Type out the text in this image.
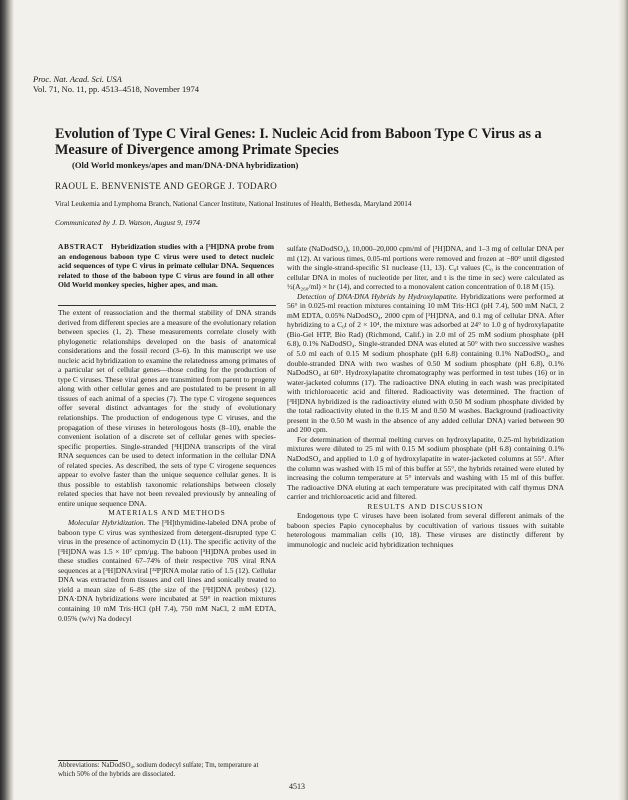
Proc. Nat. Acad. Sci. USA
Vol. 71, No. 11, pp. 4513–4518, November 1974
Evolution of Type C Viral Genes: I. Nucleic Acid from Baboon Type C Virus as a Measure of Divergence among Primate Species
(Old World monkeys/apes and man/DNA·DNA hybridization)
RAOUL E. BENVENISTE AND GEORGE J. TODARO
Viral Leukemia and Lymphoma Branch, National Cancer Institute, National Institutes of Health, Bethesda, Maryland 20014
Communicated by J. D. Watson, August 9, 1974
ABSTRACT Hybridization studies with a [³H]DNA probe from an endogenous baboon type C virus were used to detect nucleic acid sequences of type C virus in primate cellular DNA. Sequences related to those of the baboon type C virus are found in all other Old World monkey species, higher apes, and man.

The extent of reassociation and the thermal stability of DNA strands derived from different species are a measure of the evolutionary relation between species (1, 2). These measurements correlate closely with phylogenetic relationships developed on the basis of anatomical considerations and the fossil record (3–6). In this manuscript we use nucleic acid hybridization to examine the relatedness among primates of a particular set of cellular genes—those coding for the production of type C viruses. These viral genes are transmitted from parent to progeny along with other cellular genes and are postulated to be present in all tissues of each animal of a species (7). The type C virogene sequences offer several distinct advantages for the study of evolutionary relationships. The production of endogenous type C viruses, and the propagation of these viruses in heterologous hosts (8–10), enable the convenient isolation of a discrete set of cellular genes with species-specific properties. Single-stranded [³H]DNA transcripts of the viral RNA sequences can be used to detect information in the cellular DNA of related species. As described, the sets of type C virogene sequences appear to evolve faster than the unique sequence cellular genes. It is thus possible to establish taxonomic relationships between closely related species that have not been revealed previously by annealing of entire unique sequence DNA.

MATERIALS AND METHODS

Molecular Hybridization. The [³H]thymidine-labeled DNA probe of baboon type C virus was synthesized from detergent-disrupted type C virus in the presence of actinomycin D (11). The specific activity of the [³H]DNA was 1.5 × 10⁷ cpm/μg. The baboon [³H]DNA probes used in these studies contained 67–74% of their respective 70S viral RNA sequences at a [³H]DNA:viral [³²P]RNA molar ratio of 1.5 (12). Cellular DNA was extracted from tissues and cell lines and sonically treated to yield a mean size of 6–8S (the size of the [³H]DNA probes) (12). DNA·DNA hybridizations were incubated at 59° in reaction mixtures containing 10 mM Tris·HCl (pH 7.4), 750 mM NaCl, 2 mM EDTA, 0.05% (w/v) Na dodecyl

Abbreviations: NaDodSO₄, sodium dodecyl sulfate; Tm, temperature at which 50% of the hybrids are dissociated.

sulfate (NaDodSO₄), 10,000–20,000 cpm/ml of [³H]DNA, and 1–3 mg of cellular DNA per ml (12). At various times, 0.05-ml portions were removed and frozen at −80° until digested with the single-strand-specific S1 nuclease (11, 13). C₀t values (C₀ is the concentration of cellular DNA in moles of nucleotide per liter, and t is the time in sec) were calculated as ½(A₂₆₀/ml) × hr (14), and corrected to a monovalent cation concentration of 0.18 M (15).

Detection of DNA·DNA Hybrids by Hydroxylapatite. Hybridizations were performed at 56° in 0.025-ml reaction mixtures containing 10 mM Tris·HCl (pH 7.4), 500 mM NaCl, 2 mM EDTA, 0.05% NaDodSO₄, 2000 cpm of [³H]DNA, and 0.1 mg of cellular DNA. After hybridizing to a C₀t of 2 × 10⁴, the mixture was adsorbed at 24° to 1.0 g of hydroxylapatite (Bio-Gel HTP, Bio Rad) (Richmond, Calif.) in 2.0 ml of 25 mM sodium phosphate (pH 6.8), 0.1% NaDodSO₄. Single-stranded DNA was eluted at 50° with two successive washes of 5.0 ml each of 0.15 M sodium phosphate (pH 6.8) containing 0.1% NaDodSO₄, and double-stranded DNA with two washes of 0.50 M sodium phosphate (pH 6.8), 0.1% NaDodSO₄ at 60°. Hydroxylapatite chromatography was performed in test tubes (16) or in water-jacketed columns (17). The radioactive DNA eluting in each wash was precipitated with trichloroacetic acid and filtered. Radioactivity was determined. The fraction of [³H]DNA hybridized is the radioactivity eluted with 0.50 M sodium phosphate divided by the total radioactivity eluted in the 0.15 M and 0.50 M washes. Background (radioactivity present in the 0.50 M wash in the absence of any added cellular DNA) varied between 90 and 200 cpm.

For determination of thermal melting curves on hydroxylapatite, 0.25-ml hybridization mixtures were diluted to 25 ml with 0.15 M sodium phosphate (pH 6.8) containing 0.1% NaDodSO₄ and applied to 1.0 g of hydroxylapatite in water-jacketed columns at 55°. After the column was washed with 15 ml of this buffer at 55°, the hybrids retained were eluted by increasing the column temperature at 5° intervals and washing with 15 ml of this buffer. The radioactive DNA eluting at each temperature was precipitated with calf thymus DNA carrier and trichloroacetic acid and filtered.

RESULTS AND DISCUSSION

Endogenous type C viruses have been isolated from several different animals of the baboon species Papio cynocephalus by cocultivation of various tissues with suitable heterologous mammalian cells (10, 18). These viruses are distinctly different by immunologic and nucleic acid hybridization techniques

4513
